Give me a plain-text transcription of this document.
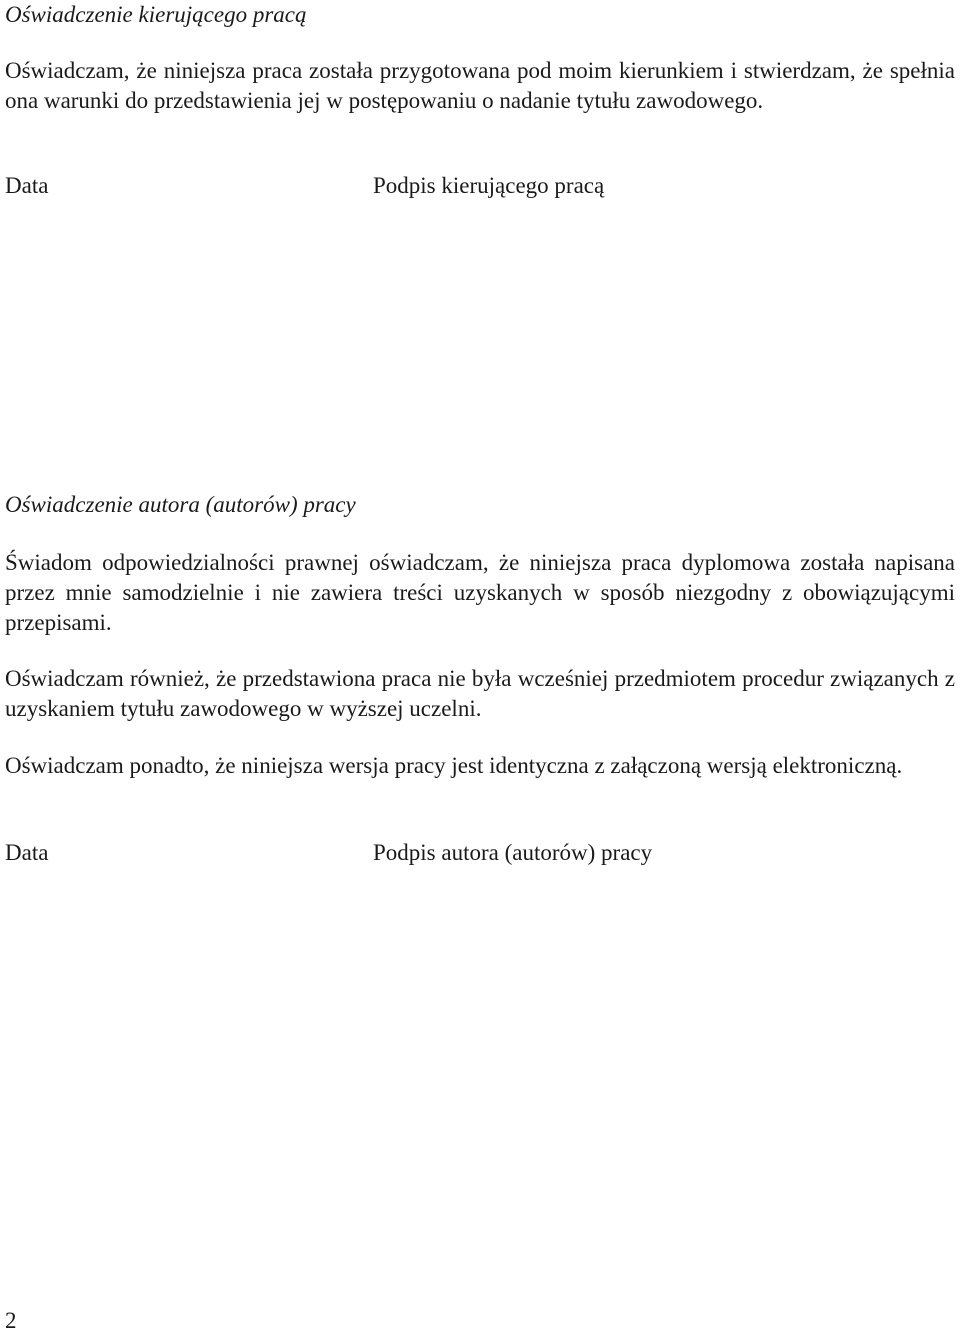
Oświadczenie kierującego pracą

Oświadczam, że niniejsza praca została przygotowana pod moim kierunkiem i stwierdzam, że spełnia ona warunki do przedstawienia jej w postępowaniu o nadanie tytułu zawodowego.

Data	Podpis kierującego pracą
Oświadczenie autora (autorów) pracy

Świadom odpowiedzialności prawnej oświadczam, że niniejsza praca dyplomowa została napisana przez mnie samodzielnie i nie zawiera treści uzyskanych w sposób niezgodny z obowiązującymi przepisami.

Oświadczam również, że przedstawiona praca nie była wcześniej przedmiotem procedur związanych z uzyskaniem tytułu zawodowego w wyższej uczelni.

Oświadczam ponadto, że niniejsza wersja pracy jest identyczna z załączoną wersją elektroniczną.

Data	Podpis autora (autorów) pracy
2
